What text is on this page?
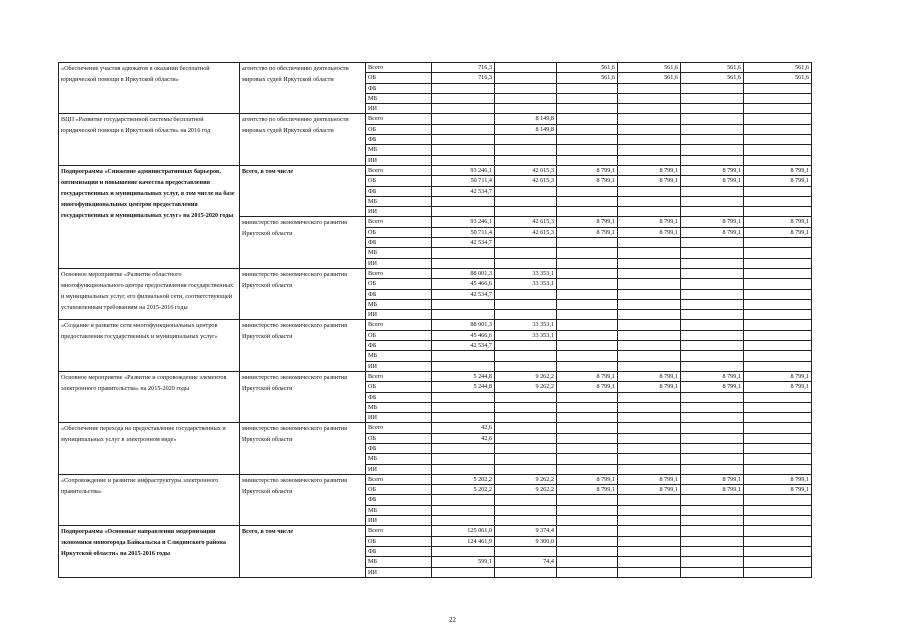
«Обеспечение участия адвокатов в оказании бесплатной юридической помощи в Иркутской области»	агентство по обеспечению деятельности мировых судей Иркутской области	Всего	716,3		561,6	561,6	561,6	561,6
		ОБ	716,3		561,6	561,6	561,6	561,6
		ФБ						
		МБ						
		ИИ						
ВЦП «Развитие государственной системы бесплатной юридической помощи в Иркутской области» на 2016 год	агентство по обеспечению деятельности мировых судей Иркутской области	Всего		8 149,8				
		ОБ		8 149,8				
		ФБ						
		МБ						
		ИИ						
Подпрограмма «Снижение административных барьеров, оптимизация и повышение качества предоставления государственных и муниципальных услуг, в том числе на базе многофункциональных центров предоставления государственных и муниципальных услуг» на 2015-2020 годы	Всего, в том числе	Всего	93 246,1	42 615,3	8 799,1	8 799,1	8 799,1	8 799,1
		ОБ	50 711,4	42 615,3	8 799,1	8 799,1	8 799,1	8 799,1
		ФБ	42 534,7					
		МБ						
		ИИ						
	министерство экономического развития Иркутской области	Всего	93 246,1	42 615,3	8 799,1	8 799,1	8 799,1	8 799,1
		ОБ	50 711,4	42 615,3	8 799,1	8 799,1	8 799,1	8 799,1
		ФБ	42 534,7					
		МБ						
		ИИ						
Основное мероприятие «Развитие областного многофункционального центра предоставления государственных и муниципальных услуг, его филиальной сети, соответствующей установленным требованиям на 2015-2016 годы	министерство экономического развития Иркутской области	Всего	88 001,3	33 353,1				
		ОБ	45 466,6	33 353,1				
		ФБ	42 534,7					
		МБ						
		ИИ						
«Создание и развитие сети многофункциональных центров предоставления государственных и муниципальных услуг»	министерство экономического развития Иркутской области	Всего	88 001,3	33 353,1				
		ОБ	45 466,6	33 353,1				
		ФБ	42 534,7					
		МБ						
		ИИ						
Основное мероприятие «Развитие и сопровождение элементов электронного правительства» на 2015-2020 годы	министерство экономического развития Иркутской области	Всего	5 244,8	9 262,2	8 799,1	8 799,1	8 799,1	8 799,1
		ОБ	5 244,8	9 262,2	8 799,1	8 799,1	8 799,1	8 799,1
		ФБ						
		МБ						
		ИИ						
«Обеспечение перехода на предоставление государственных и муниципальных услуг в электронном виде»	министерство экономического развития Иркутской области	Всего	42,6					
		ОБ	42,6					
		ФБ						
		МБ						
		ИИ						
«Сопровождение и развитие инфраструктуры электронного правительства»	министерство экономического развития Иркутской области	Всего	5 202,2	9 262,2	8 799,1	8 799,1	8 799,1	8 799,1
		ОБ	5 202,2	9 262,2	8 799,1	8 799,1	8 799,1	8 799,1
		ФБ						
		МБ						
		ИИ						
Подпрограмма «Основные направления модернизации экономики моногорода Байкальска и Слюдянского района Иркутской области» на 2015-2016 годы	Всего, в том числе	Всего	125 061,0	9 374,4				
		ОБ	124 461,9	9 300,0				
		ФБ						
		МБ	599,1	74,4				
		ИИ						
22
